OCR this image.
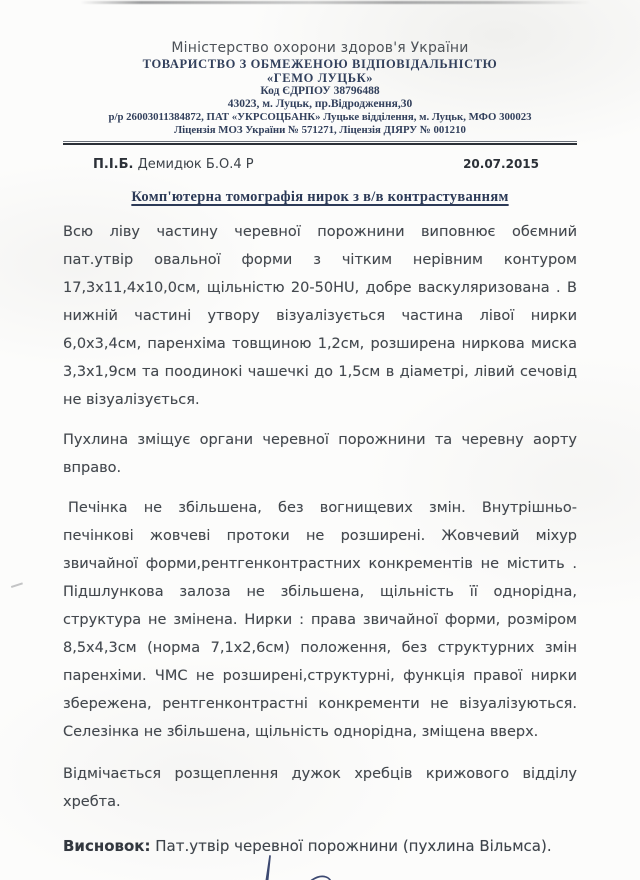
Міністерство охорони здоров'я України
ТОВАРИСТВО З ОБМЕЖЕНОЮ ВІДПОВІДАЛЬНІСТЮ
«ГЕМО ЛУЦЬК»
Код ЄДРПОУ 38796488
43023, м. Луцьк, пр.Відродження,30
р/р 26003011384872, ПАТ «УКРСОЦБАНК» Луцьке відділення, м. Луцьк, МФО 300023
Ліцензія МОЗ України № 571271, Ліцензія ДІЯРУ № 001210
П.І.Б. Демидюк Б.О.4 Р	20.07.2015
Комп'ютерна томографія нирок з в/в контрастуванням

Всю ліву частину черевної порожнини виповнює обємний пат.утвір овальної форми з чітким нерівним контуром 17,3х11,4х10,0см, щільністю 20-50HU, добре васкуляризована . В нижній частині утвору візуалізується частина лівої нирки 6,0х3,4см, паренхіма товщиною 1,2см, розширена ниркова миска 3,3х1,9см та поодинокі чашечкі до 1,5см в діаметрі, лівий сечовід не візуалізується.

Пухлина зміщує органи черевної порожнини та черевну аорту вправо.

Печінка не збільшена, без вогнищевих змін. Внутрішньо-печінкові жовчеві протоки не розширені. Жовчевий міхур звичайної форми,рентгенконтрастних конкрементів не містить . Підшлункова залоза не збільшена, щільність її однорідна, структура не змінена. Нирки : права звичайної форми, розміром 8,5х4,3см (норма 7,1х2,6см) положення, без структурних змін паренхіми. ЧМС не розширені,структурні, функція правої нирки збережена, рентгенконтрастні конкременти не візуалізуються. Селезінка не збільшена, щільність однорідна, зміщена вверх.

Відмічається розщеплення дужок хребців крижового відділу хребта.

Висновок: Пат.утвір черевної порожнини (пухлина Вільмса).
